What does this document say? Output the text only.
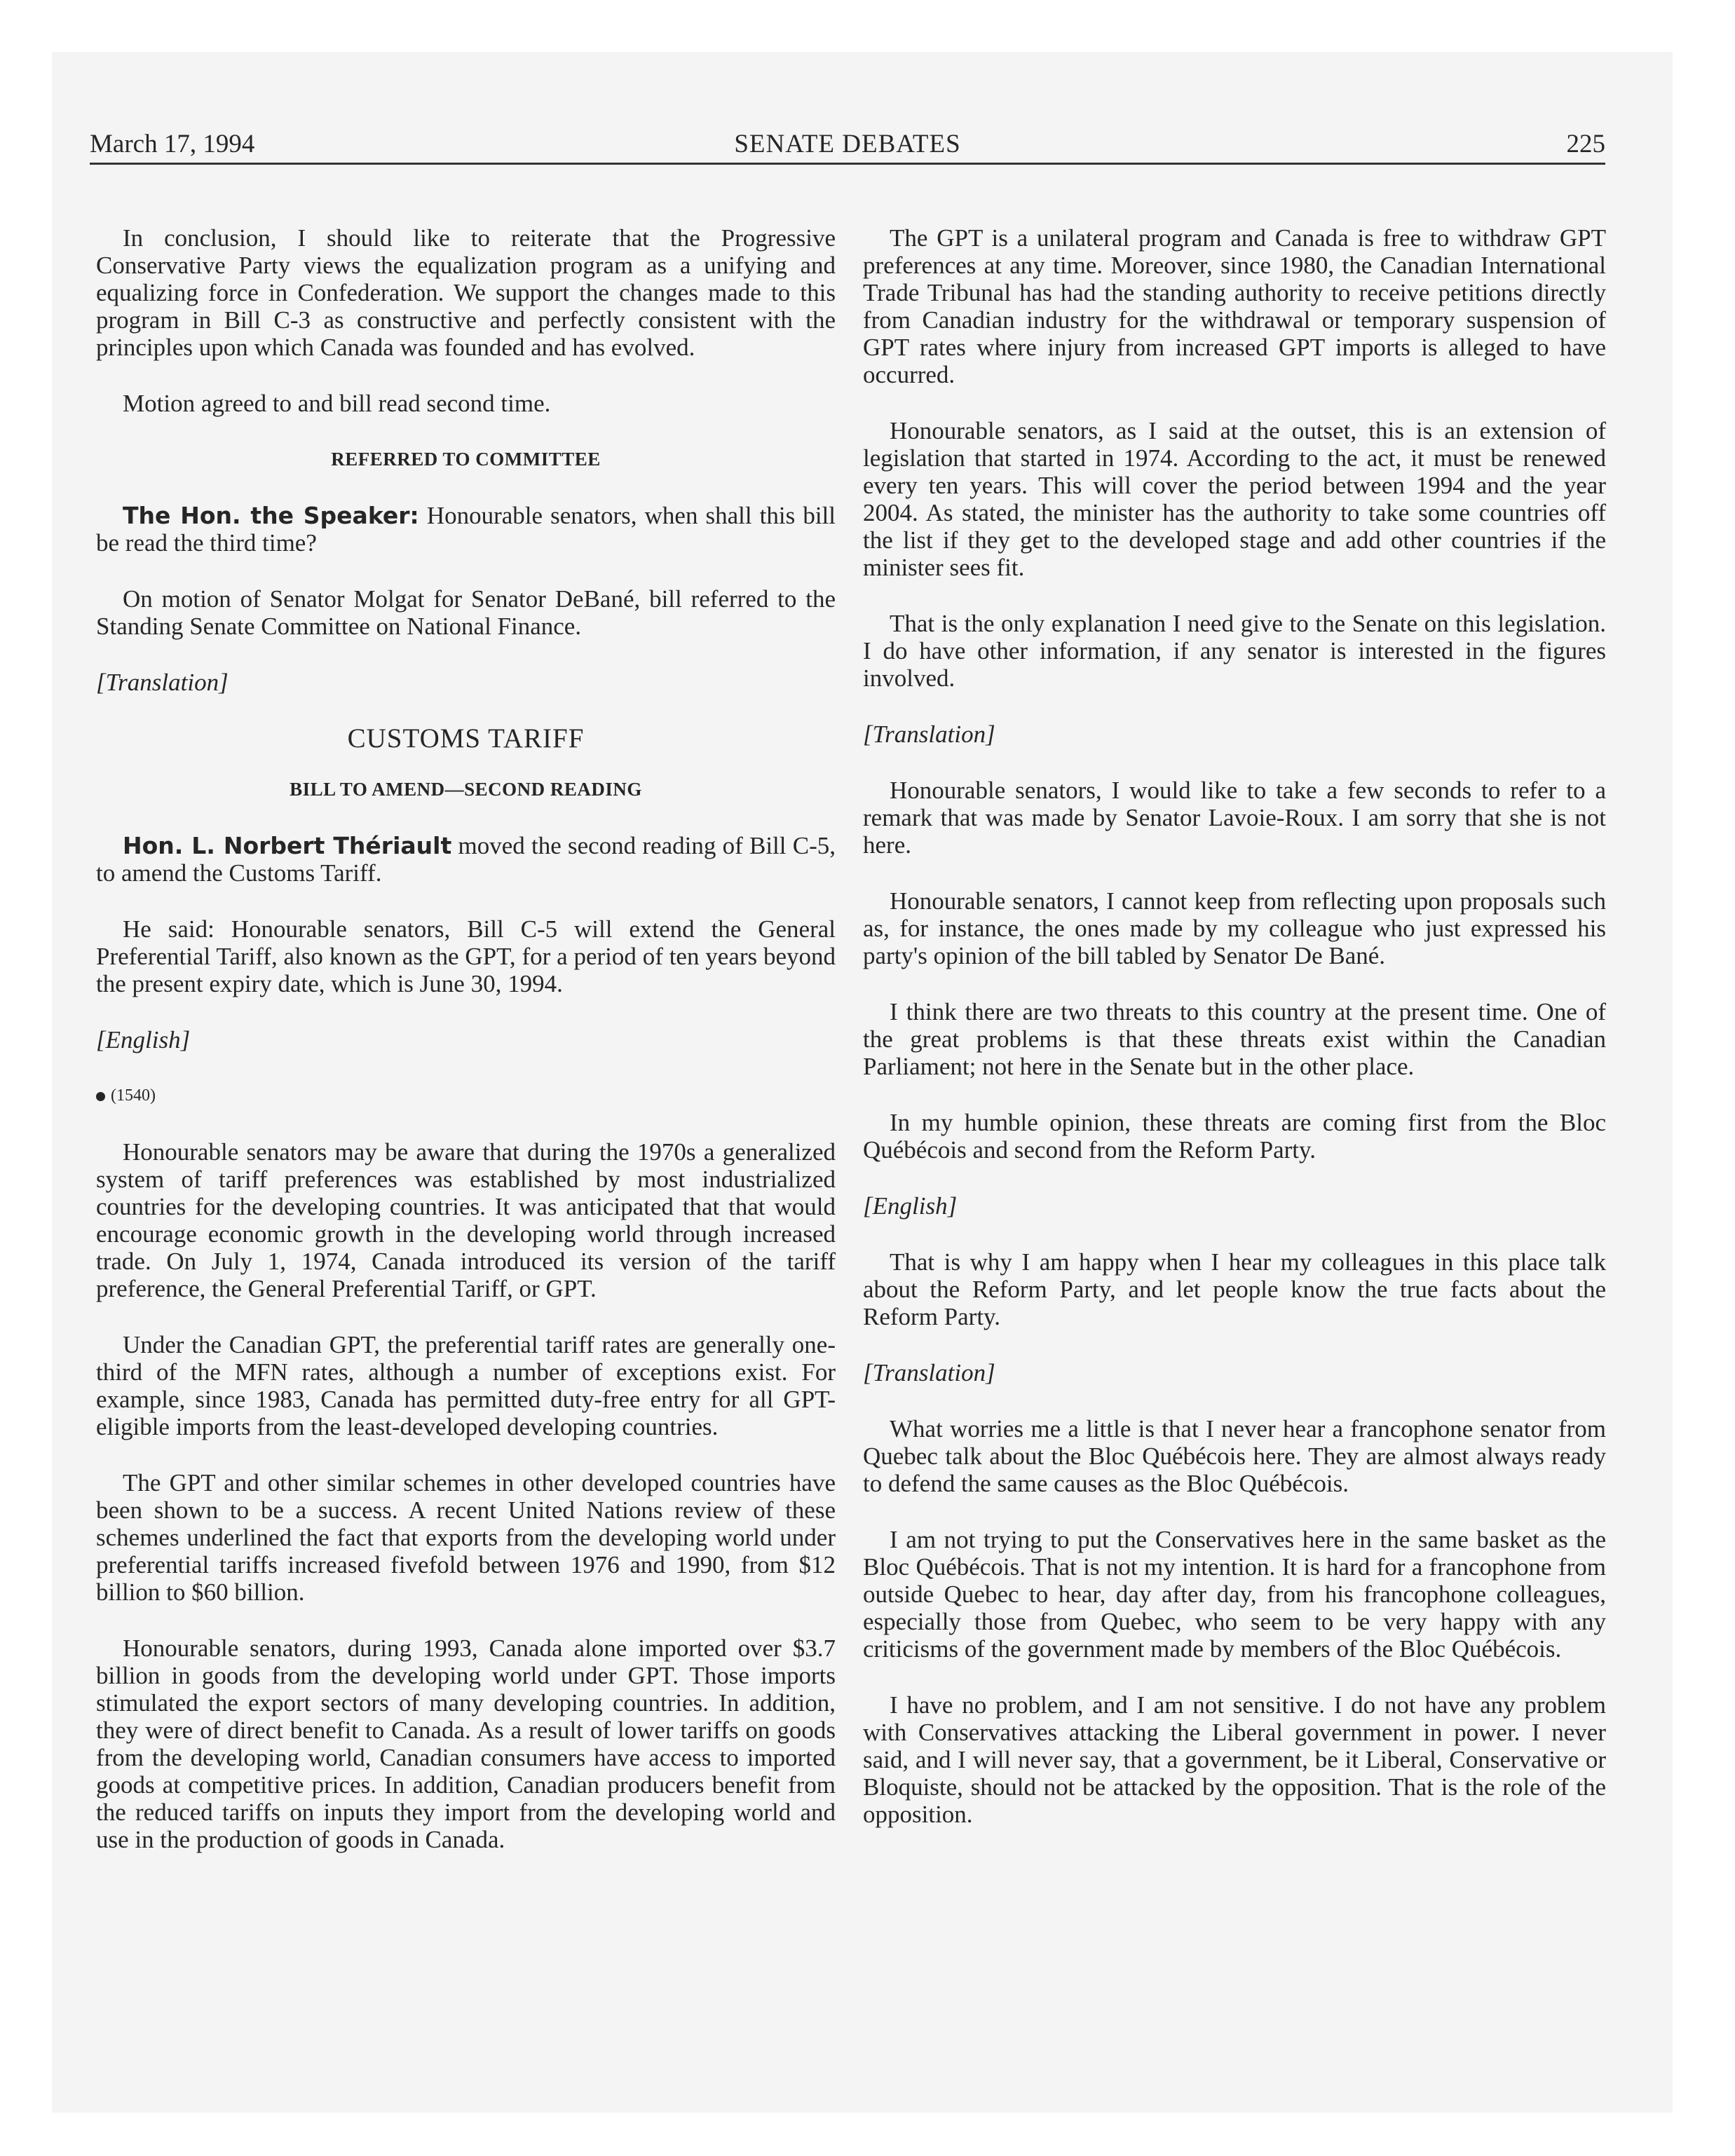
March 17, 1994	SENATE DEBATES	225

In conclusion, I should like to reiterate that the Progressive Conservative Party views the equalization program as a unifying and equalizing force in Confederation. We support the changes made to this program in Bill C-3 as constructive and perfectly consistent with the principles upon which Canada was founded and has evolved.

Motion agreed to and bill read second time.

REFERRED TO COMMITTEE

The Hon. the Speaker: Honourable senators, when shall this bill be read the third time?

On motion of Senator Molgat for Senator DeBané, bill referred to the Standing Senate Committee on National Finance.

[Translation]

CUSTOMS TARIFF

BILL TO AMEND—SECOND READING

Hon. L. Norbert Thériault moved the second reading of Bill C-5, to amend the Customs Tariff.

He said: Honourable senators, Bill C-5 will extend the General Preferential Tariff, also known as the GPT, for a period of ten years beyond the present expiry date, which is June 30, 1994.

[English]

(1540)

Honourable senators may be aware that during the 1970s a generalized system of tariff preferences was established by most industrialized countries for the developing countries. It was anticipated that that would encourage economic growth in the developing world through increased trade. On July 1, 1974, Canada introduced its version of the tariff preference, the General Preferential Tariff, or GPT.

Under the Canadian GPT, the preferential tariff rates are generally one-third of the MFN rates, although a number of exceptions exist. For example, since 1983, Canada has permitted duty-free entry for all GPT-eligible imports from the least-developed developing countries.

The GPT and other similar schemes in other developed countries have been shown to be a success. A recent United Nations review of these schemes underlined the fact that exports from the developing world under preferential tariffs increased fivefold between 1976 and 1990, from $12 billion to $60 billion.

Honourable senators, during 1993, Canada alone imported over $3.7 billion in goods from the developing world under GPT. Those imports stimulated the export sectors of many developing countries. In addition, they were of direct benefit to Canada. As a result of lower tariffs on goods from the developing world, Canadian consumers have access to imported goods at competitive prices. In addition, Canadian producers benefit from the reduced tariffs on inputs they import from the developing world and use in the production of goods in Canada.

The GPT is a unilateral program and Canada is free to withdraw GPT preferences at any time. Moreover, since 1980, the Canadian International Trade Tribunal has had the standing authority to receive petitions directly from Canadian industry for the withdrawal or temporary suspension of GPT rates where injury from increased GPT imports is alleged to have occurred.

Honourable senators, as I said at the outset, this is an extension of legislation that started in 1974. According to the act, it must be renewed every ten years. This will cover the period between 1994 and the year 2004. As stated, the minister has the authority to take some countries off the list if they get to the developed stage and add other countries if the minister sees fit.

That is the only explanation I need give to the Senate on this legislation. I do have other information, if any senator is interested in the figures involved.

[Translation]

Honourable senators, I would like to take a few seconds to refer to a remark that was made by Senator Lavoie-Roux. I am sorry that she is not here.

Honourable senators, I cannot keep from reflecting upon proposals such as, for instance, the ones made by my colleague who just expressed his party's opinion of the bill tabled by Senator De Bané.

I think there are two threats to this country at the present time. One of the great problems is that these threats exist within the Canadian Parliament; not here in the Senate but in the other place.

In my humble opinion, these threats are coming first from the Bloc Québécois and second from the Reform Party.

[English]

That is why I am happy when I hear my colleagues in this place talk about the Reform Party, and let people know the true facts about the Reform Party.

[Translation]

What worries me a little is that I never hear a francophone senator from Quebec talk about the Bloc Québécois here. They are almost always ready to defend the same causes as the Bloc Québécois.

I am not trying to put the Conservatives here in the same basket as the Bloc Québécois. That is not my intention. It is hard for a francophone from outside Quebec to hear, day after day, from his francophone colleagues, especially those from Quebec, who seem to be very happy with any criticisms of the government made by members of the Bloc Québécois.

I have no problem, and I am not sensitive. I do not have any problem with Conservatives attacking the Liberal government in power. I never said, and I will never say, that a government, be it Liberal, Conservative or Bloquiste, should not be attacked by the opposition. That is the role of the opposition.
